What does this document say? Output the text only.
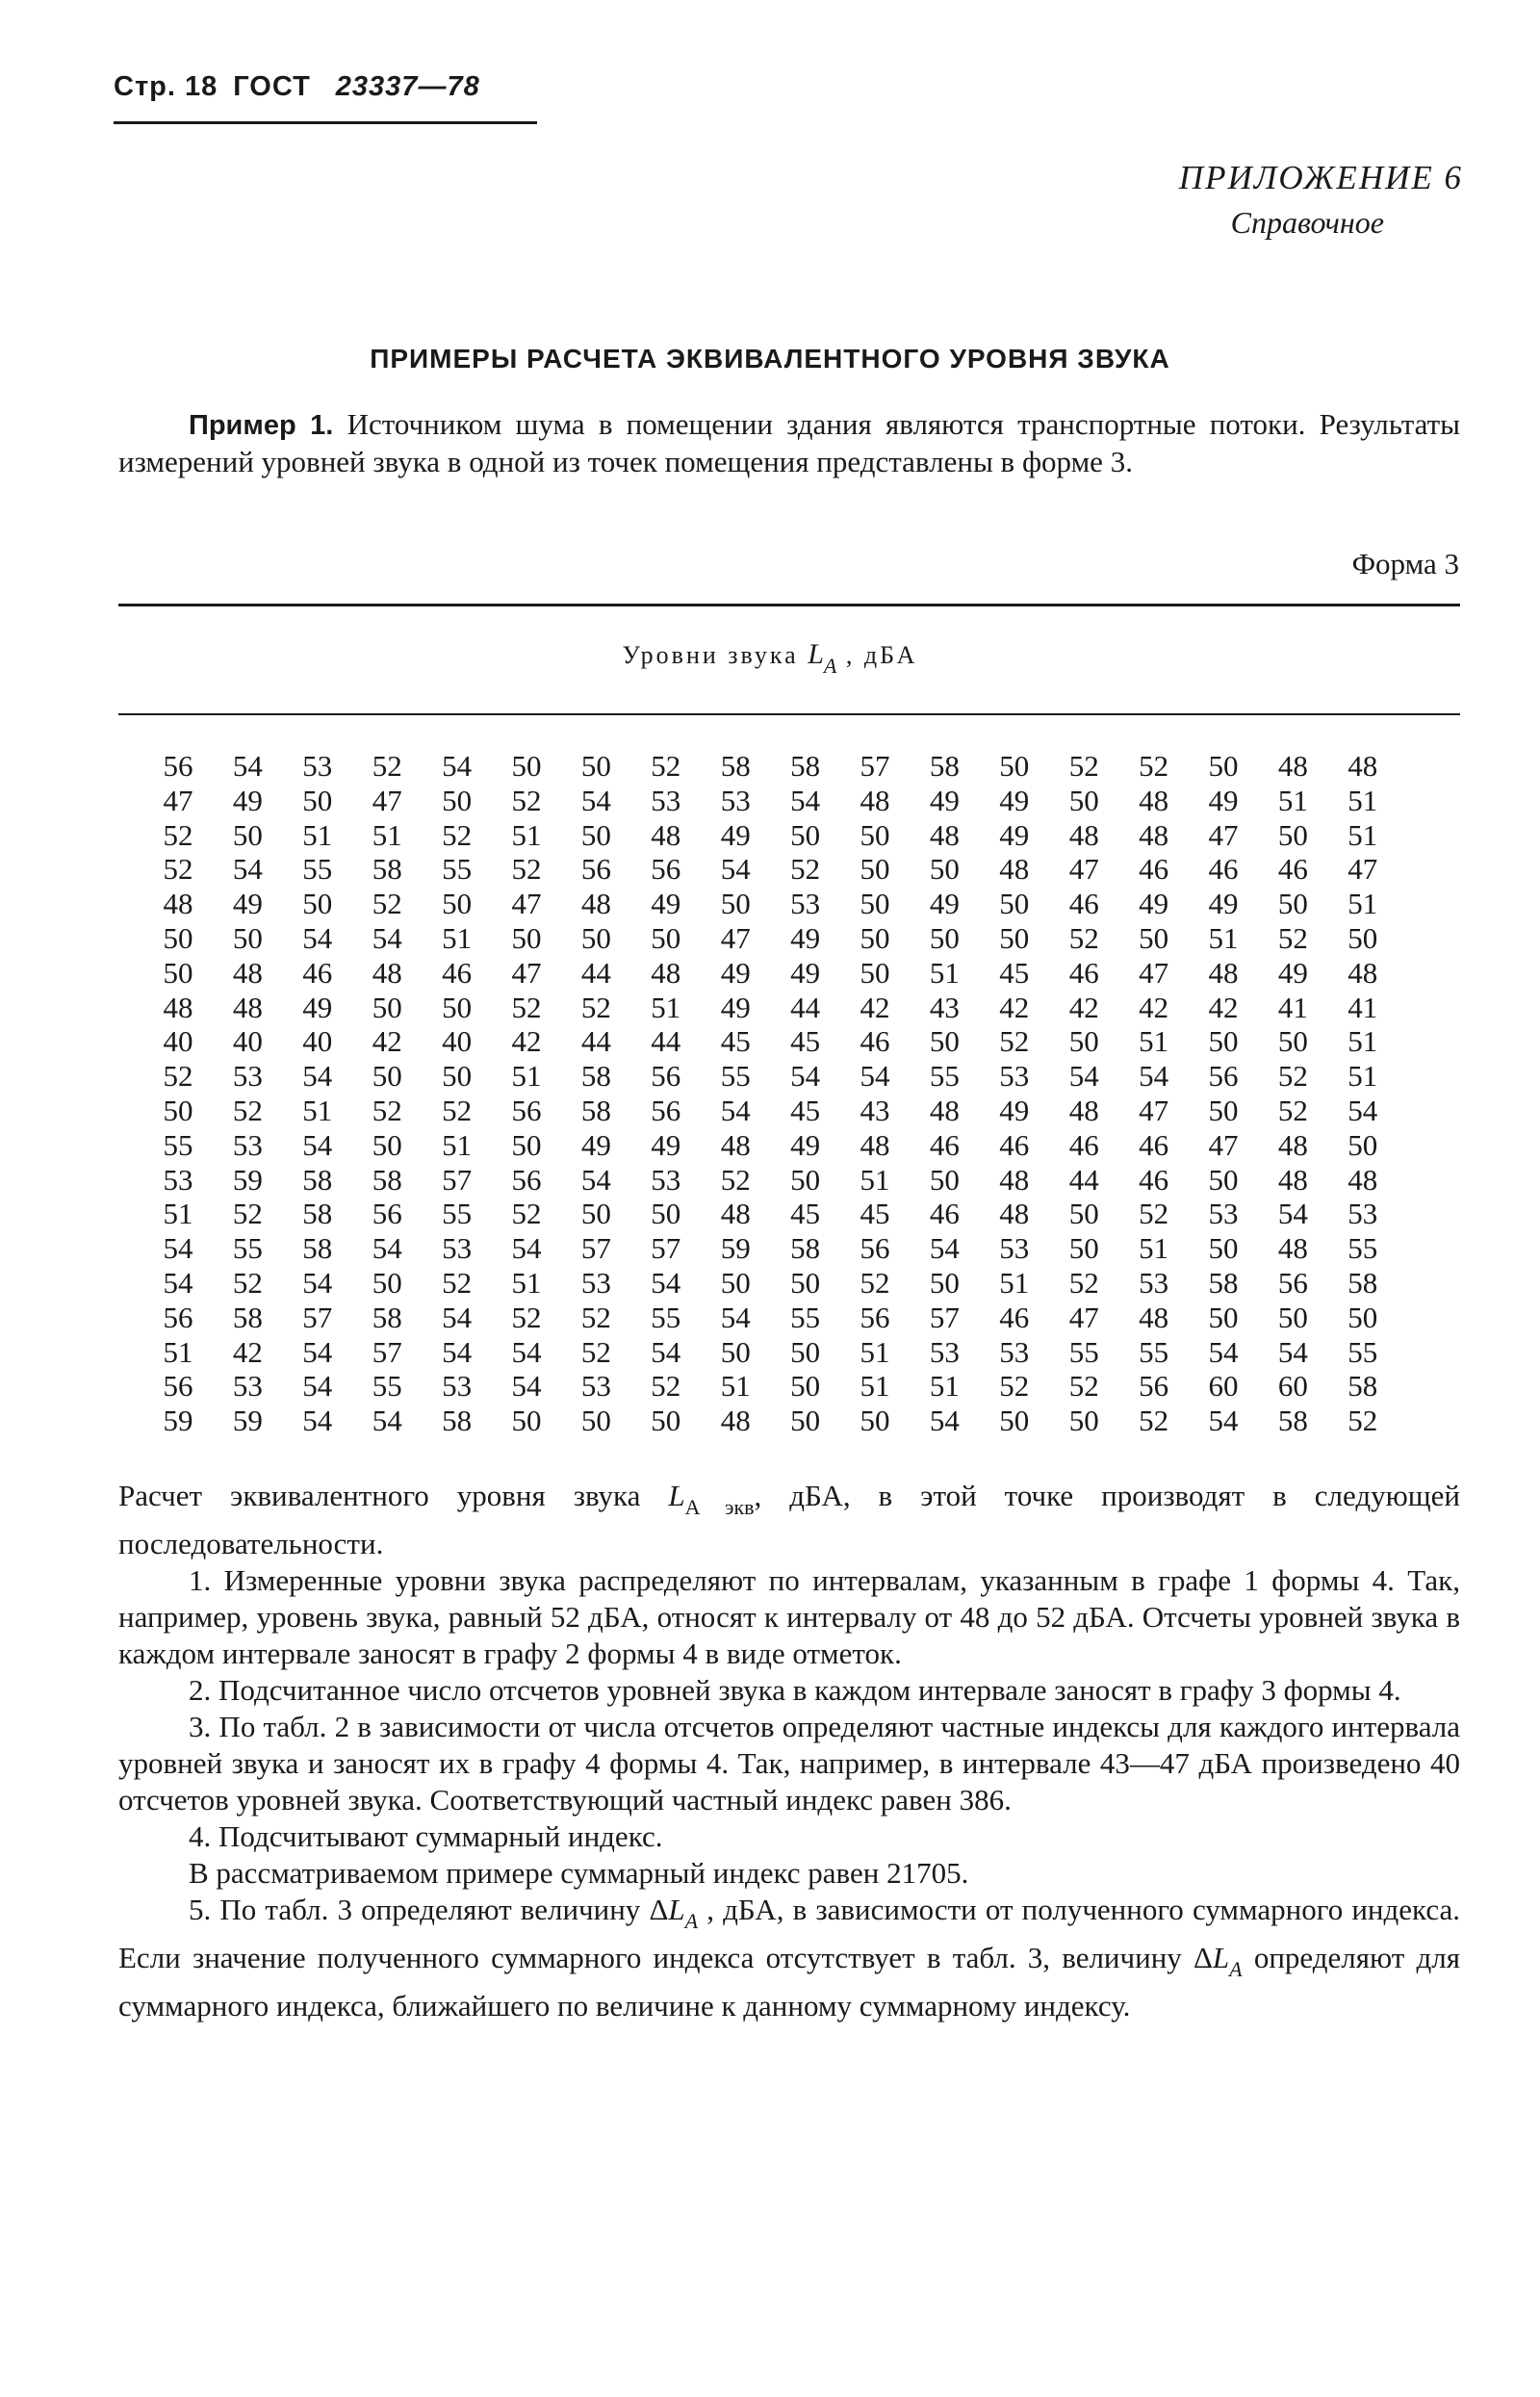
Стр. 18 ГОСТ 23337—78
ПРИЛОЖЕНИЕ 6
Справочное
ПРИМЕРЫ РАСЧЕТА ЭКВИВАЛЕНТНОГО УРОВНЯ ЗВУКА
Пример 1. Источником шума в помещении здания являются транспортные потоки. Результаты измерений уровней звука в одной из точек помещения представлены в форме 3.
Форма 3
Уровни звука $L_A$ , дБА
56	54	53	52	54	50	50	52	58	58	57	58	50	52	52	50	48	48
47	49	50	47	50	52	54	53	53	54	48	49	49	50	48	49	51	51
52	50	51	51	52	51	50	48	49	50	50	48	49	48	48	47	50	51
52	54	55	58	55	52	56	56	54	52	50	50	48	47	46	46	46	47
48	49	50	52	50	47	48	49	50	53	50	49	50	46	49	49	50	51
50	50	54	54	51	50	50	50	47	49	50	50	50	52	50	51	52	50
50	48	46	48	46	47	44	48	49	49	50	51	45	46	47	48	49	48
48	48	49	50	50	52	52	51	49	44	42	43	42	42	42	42	41	41
40	40	40	42	40	42	44	44	45	45	46	50	52	50	51	50	50	51
52	53	54	50	50	51	58	56	55	54	54	55	53	54	54	56	52	51
50	52	51	52	52	56	58	56	54	45	43	48	49	48	47	50	52	54
55	53	54	50	51	50	49	49	48	49	48	46	46	46	46	47	48	50
53	59	58	58	57	56	54	53	52	50	51	50	48	44	46	50	48	48
51	52	58	56	55	52	50	50	48	45	45	46	48	50	52	53	54	53
54	55	58	54	53	54	57	57	59	58	56	54	53	50	51	50	48	55
54	52	54	50	52	51	53	54	50	50	52	50	51	52	53	58	56	58
56	58	57	58	54	52	52	55	54	55	56	57	46	47	48	50	50	50
51	42	54	57	54	54	52	54	50	50	51	53	53	55	55	54	54	55
56	53	54	55	53	54	53	52	51	50	51	51	52	52	56	60	60	58
59	59	54	54	58	50	50	50	48	50	50	54	50	50	52	54	58	52

Расчет эквивалентного уровня звука $L_{A экв}$, дБА, в этой точке производят в следующей последовательности.

1. Измеренные уровни звука распределяют по интервалам, указанным в графе 1 формы 4. Так, например, уровень звука, равный 52 дБА, относят к интервалу от 48 до 52 дБА. Отсчеты уровней звука в каждом интервале заносят в графу 2 формы 4 в виде отметок.

2. Подсчитанное число отсчетов уровней звука в каждом интервале заносят в графу 3 формы 4.

3. По табл. 2 в зависимости от числа отсчетов определяют частные индексы для каждого интервала уровней звука и заносят их в графу 4 формы 4. Так, например, в интервале 43—47 дБА произведено 40 отсчетов уровней звука. Соответствующий частный индекс равен 386.

4. Подсчитывают суммарный индекс.

В рассматриваемом примере суммарный индекс равен 21705.

5. По табл. 3 определяют величину $\Delta L_A$ , дБА, в зависимости от полученного суммарного индекса. Если значение полученного суммарного индекса отсутствует в табл. 3, величину $\Delta L_A$ определяют для суммарного индекса, ближайшего по величине к данному суммарному индексу.
